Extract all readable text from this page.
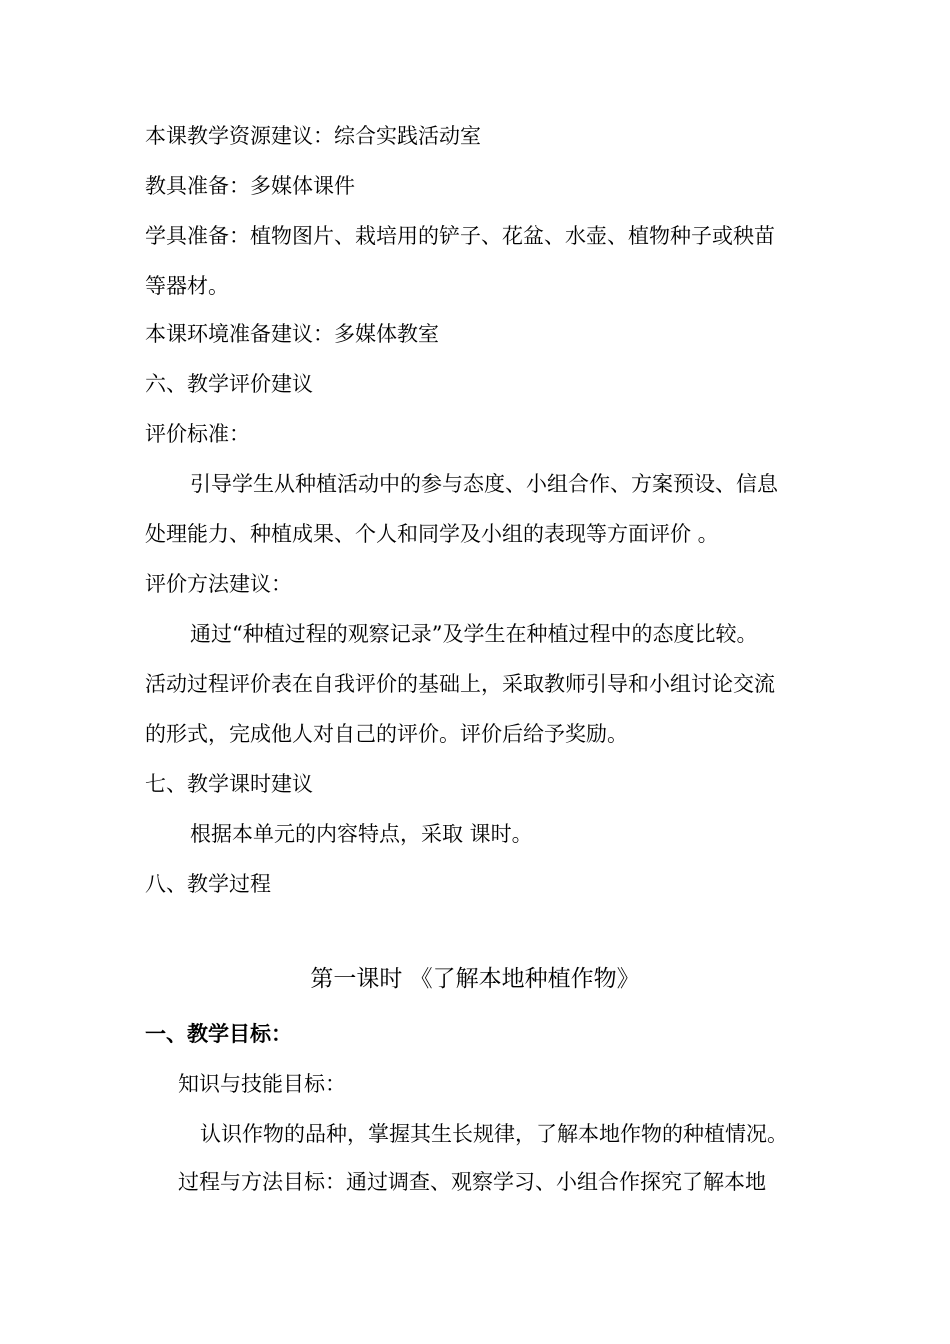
本课教学资源建议：综合实践活动室
教具准备：多媒体课件
学具准备：植物图片、栽培用的铲子、花盆、水壶、植物种子或秧苗
等器材。
本课环境准备建议：多媒体教室
六、教学评价建议
评价标准：
引导学生从种植活动中的参与态度、小组合作、方案预设、信息
处理能力、种植成果、个人和同学及小组的表现等方面评价 。
评价方法建议：
通过“种植过程的观察记录”及学生在种植过程中的态度比较。
活动过程评价表在自我评价的基础上，采取教师引导和小组讨论交流
的形式，完成他人对自己的评价。评价后给予奖励。
七、教学课时建议
根据本单元的内容特点，采取 课时。
八、教学过程
第一课时 《了解本地种植作物》
一、教学目标：
知识与技能目标：
认识作物的品种，掌握其生长规律，了解本地作物的种植情况。
过程与方法目标：通过调查、观察学习、小组合作探究了解本地
